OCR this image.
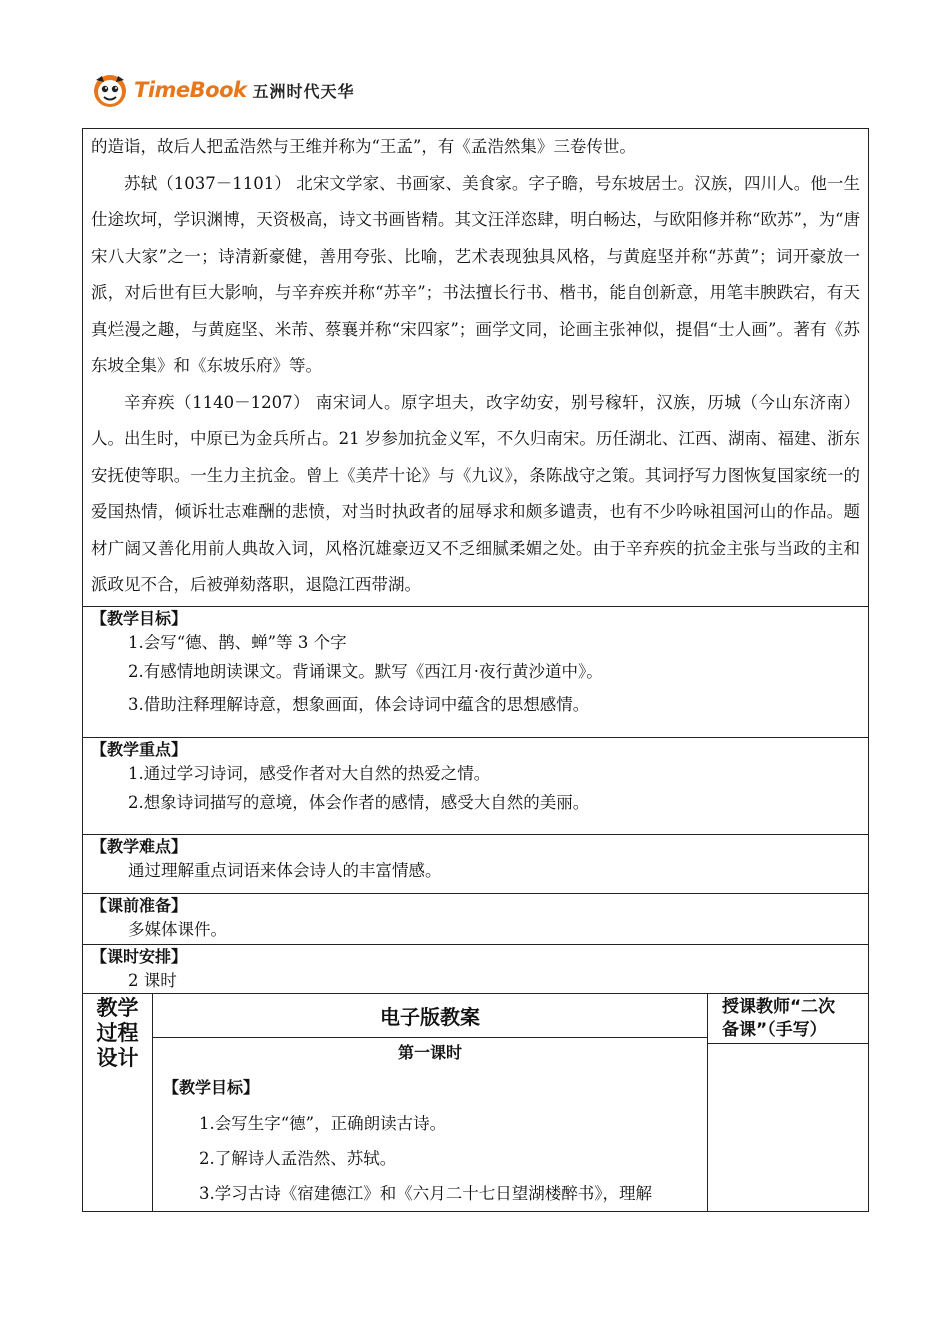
TimeBook 五洲时代天华

的造诣，故后人把孟浩然与王维并称为“王孟”，有《孟浩然集》三卷传世。

苏轼（1037－1101） 北宋文学家、书画家、美食家。字子瞻，号东坡居士。汉族，四川人。他一生仕途坎坷，学识渊博，天资极高，诗文书画皆精。其文汪洋恣肆，明白畅达，与欧阳修并称“欧苏”，为“唐宋八大家”之一；诗清新豪健，善用夸张、比喻，艺术表现独具风格，与黄庭坚并称“苏黄”；词开豪放一派，对后世有巨大影响，与辛弃疾并称“苏辛”；书法擅长行书、楷书，能自创新意，用笔丰腴跌宕，有天真烂漫之趣，与黄庭坚、米芾、蔡襄并称“宋四家”；画学文同，论画主张神似，提倡“士人画”。著有《苏东坡全集》和《东坡乐府》等。

辛弃疾（1140－1207） 南宋词人。原字坦夫，改字幼安，别号稼轩，汉族，历城（今山东济南）人。出生时，中原已为金兵所占。21 岁参加抗金义军，不久归南宋。历任湖北、江西、湖南、福建、浙东安抚使等职。一生力主抗金。曾上《美芹十论》与《九议》，条陈战守之策。其词抒写力图恢复国家统一的爱国热情，倾诉壮志难酬的悲愤，对当时执政者的屈辱求和颇多谴责，也有不少吟咏祖国河山的作品。题材广阔又善化用前人典故入词，风格沉雄豪迈又不乏细腻柔媚之处。由于辛弃疾的抗金主张与当政的主和派政见不合，后被弹劾落职，退隐江西带湖。

【教学目标】
1.会写“德、鹊、蝉”等 3 个字
2.有感情地朗读课文。背诵课文。默写《西江月·夜行黄沙道中》。
3.借助注释理解诗意，想象画面，体会诗词中蕴含的思想感情。
【教学重点】
1.通过学习诗词，感受作者对大自然的热爱之情。
2.想象诗词描写的意境，体会作者的感情，感受大自然的美丽。
【教学难点】
通过理解重点词语来体会诗人的丰富情感。
【课前准备】
多媒体课件。
【课时安排】
2 课时
教学
过程
设计
电子版教案
第一课时
【教学目标】
1.会写生字“德”，正确朗读古诗。
2.了解诗人孟浩然、苏轼。
3.学习古诗《宿建德江》和《六月二十七日望湖楼醉书》，理解
授课教师“二次
备课”（手写）
